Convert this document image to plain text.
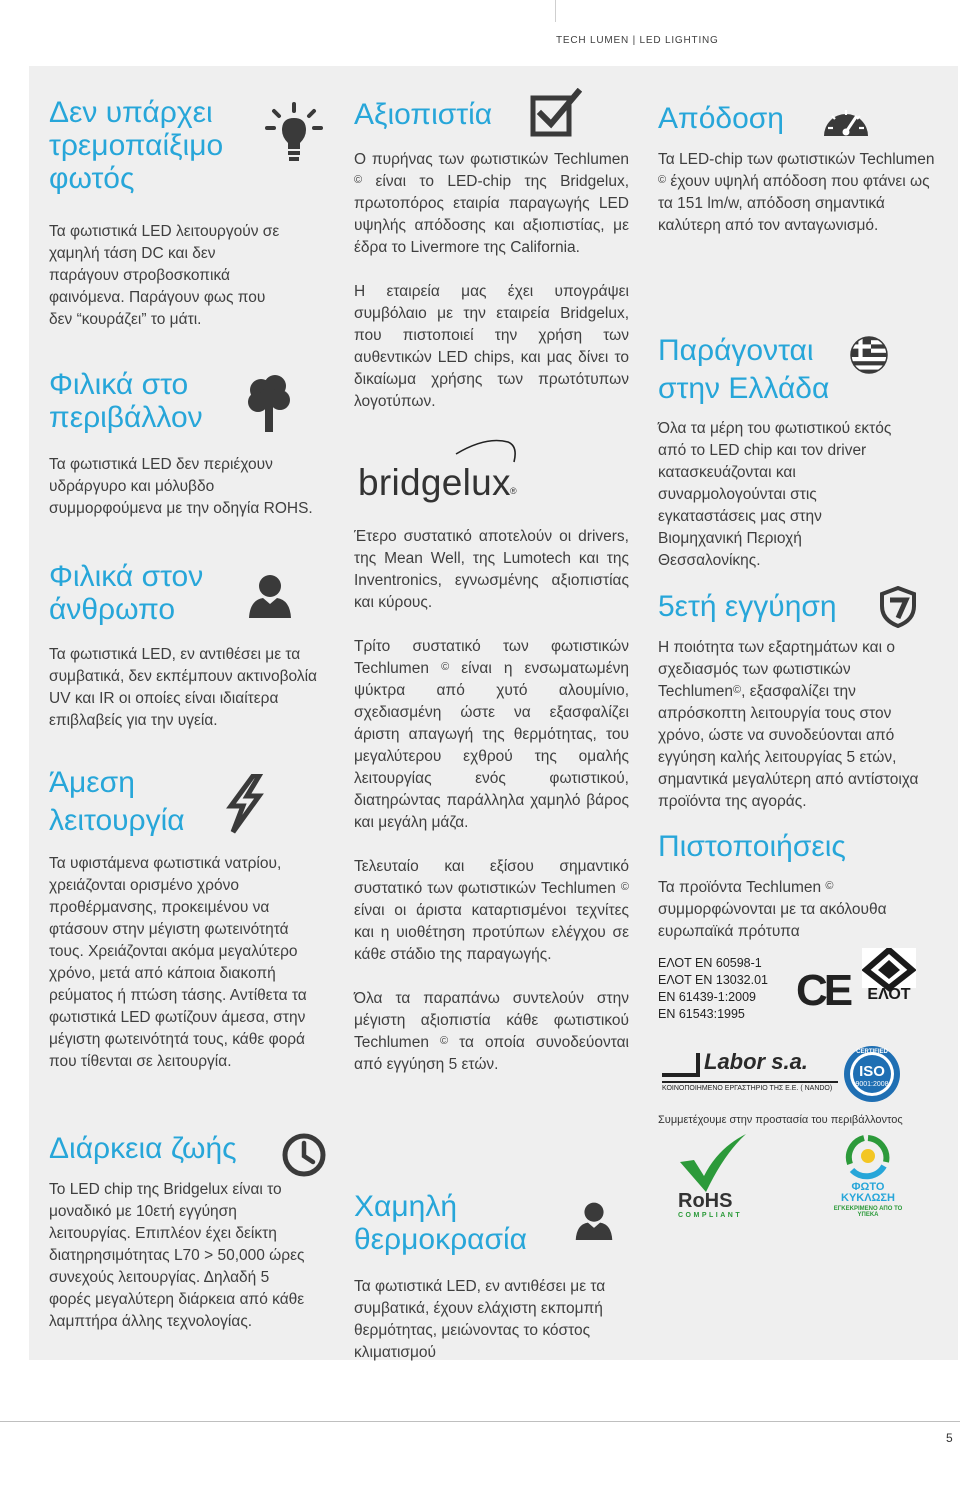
TECH LUMEN | LED LIGHTING
Δεν υπάρχει τρεμοπαίξιμο φωτός
Τα φωτιστικά LED λειτουργούν σε χαμηλή τάση DC και δεν παράγουν στροβοσκοπικά φαινόμενα. Παράγουν φως που δεν “κουράζει” το μάτι.
Φιλικά στο περιβάλλον
Τα φωτιστικά LED δεν περιέχουν υδράργυρο και μόλυβδο συμμορφούμενα με την οδηγία ROHS.
Φιλικά στον άνθρωπο
Τα φωτιστικά LED, εν αντιθέσει με τα συμβατικά, δεν εκπέμπουν ακτινοβολία UV και IR οι οποίες είναι ιδιαίτερα επιβλαβείς για την υγεία.
Άμεση λειτουργία
Τα υφιστάμενα φωτιστικά νατρίου, χρειάζονται ορισμένο χρόνο προθέρμανσης, προκειμένου να φτάσουν στην μέγιστη φωτεινότητά τους. Χρειάζονται ακόμα μεγαλύτερο χρόνο, μετά από κάποια διακοπή ρεύματος ή πτώση τάσης. Αντίθετα τα φωτιστικά LED φωτίζουν άμεσα, στην μέγιστη φωτεινότητά τους, κάθε φορά που τίθενται σε λειτουργία.
Διάρκεια ζωής
Το LED chip της Bridgelux είναι το μοναδικό με 10ετή εγγύηση λειτουργίας. Επιπλέον έχει δείκτη διατηρησιμότητας L70 > 50,000 ώρες συνεχούς λειτουργίας. Δηλαδή 5 φορές μεγαλύτερη διάρκεια από κάθε λαμπτήρα άλλης τεχνολογίας.
Αξιοπιστία
Ο πυρήνας των φωτιστικών Techlumen © είναι το LED-chip της Bridgelux, πρωτοπόρος εταιρία παραγωγής LED υψηλής απόδοσης και αξιοπιστίας, με έδρα το Livermore της California.
Η εταιρεία μας έχει υπογράψει συμβόλαιο με την εταιρεία Bridgelux, που πιστοποιεί την χρήση των αυθεντικών LED chips, και μας δίνει το δικαίωμα χρήσης των πρωτότυπων λογοτύπων.
bridgelux ®
Έτερο συστατικό αποτελούν οι drivers, της Mean Well, της Lumotech και της Inventronics, εγνωσμένης αξιοπιστίας και κύρους.
Τρίτο συστατικό των φωτιστικών Techlumen © είναι η ενσωματωμένη ψύκτρα από χυτό αλουμίνιο, σχεδιασμένη ώστε να εξασφαλίζει άριστη απαγωγή της θερμότητας, του μεγαλύτερου εχθρού της ομαλής λειτουργίας ενός φωτιστικού, διατηρώντας παράλληλα χαμηλό βάρος και μεγάλη μάζα.
Τελευταίο και εξίσου σημαντικό συστατικό των φωτιστικών Techlumen © είναι οι άριστα καταρτισμένοι τεχνίτες και η υιοθέτηση προτύπων ελέγχου σε κάθε στάδιο της παραγωγής.
Όλα τα παραπάνω συντελούν στην μέγιστη αξιοπιστία κάθε φωτιστικού Techlumen © τα οποία συνοδεύονται από εγγύηση 5 ετών.
Χαμηλή θερμοκρασία
Τα φωτιστικά LED, εν αντιθέσει με τα συμβατικά, έχουν ελάχιστη εκπομπή θερμότητας, μειώνοντας το κόστος κλιματισμού
Απόδοση
Τα LED-chip των φωτιστικών Techlumen © έχουν υψηλή απόδοση που φτάνει ως τα 151 lm/w, απόδοση σημαντικά καλύτερη από τον ανταγωνισμό.
Παράγονται στην Ελλάδα
Όλα τα μέρη του φωτιστικού εκτός από το LED chip και τον driver κατασκευάζονται και συναρμολογούνται στις εγκαταστάσεις μας στην Βιομηχανική Περιοχή Θεσσαλονίκης.
5ετή εγγύηση
Η ποιότητα των εξαρτημάτων και ο σχεδιασμός των φωτιστικών Techlumen©, εξασφαλίζει την απρόσκοπτη λειτουργία τους στον χρόνο, ώστε να συνοδεύονται από εγγύηση καλής λειτουργίας 5 ετών, σημαντικά μεγαλύτερη από αντίστοιχα προϊόντα της αγοράς.
Πιστοποιήσεις
Τα προϊόντα Techlumen © συμμορφώνονται με τα ακόλουθα ευρωπαϊκά πρότυπα
ΕΛΟΤ ΕΝ 60598-1
ΕΛΟΤ ΕΝ 13032.01
EN 61439-1:2009
EN 61543:1995	CE	ΕΛΟΤ
Labor s.a.
ΚΟΙΝΟΠΟΙΗΜΕΝΟ ΕΡΓΑΣΤΗΡΙΟ ΤΗΣ Ε.Ε. ( NANDO)
CERTIFIED
ISO
9001:2008
Συμμετέχουμε στην προστασία του περιβάλλοντος
RoHS
COMPLIANT
ΦΩΤΟ ΚΥΚΛΩΣΗ
ΕΓΚΕΚΡΙΜΕΝΟ ΑΠΟ ΤΟ ΥΠΕΚΑ
5
